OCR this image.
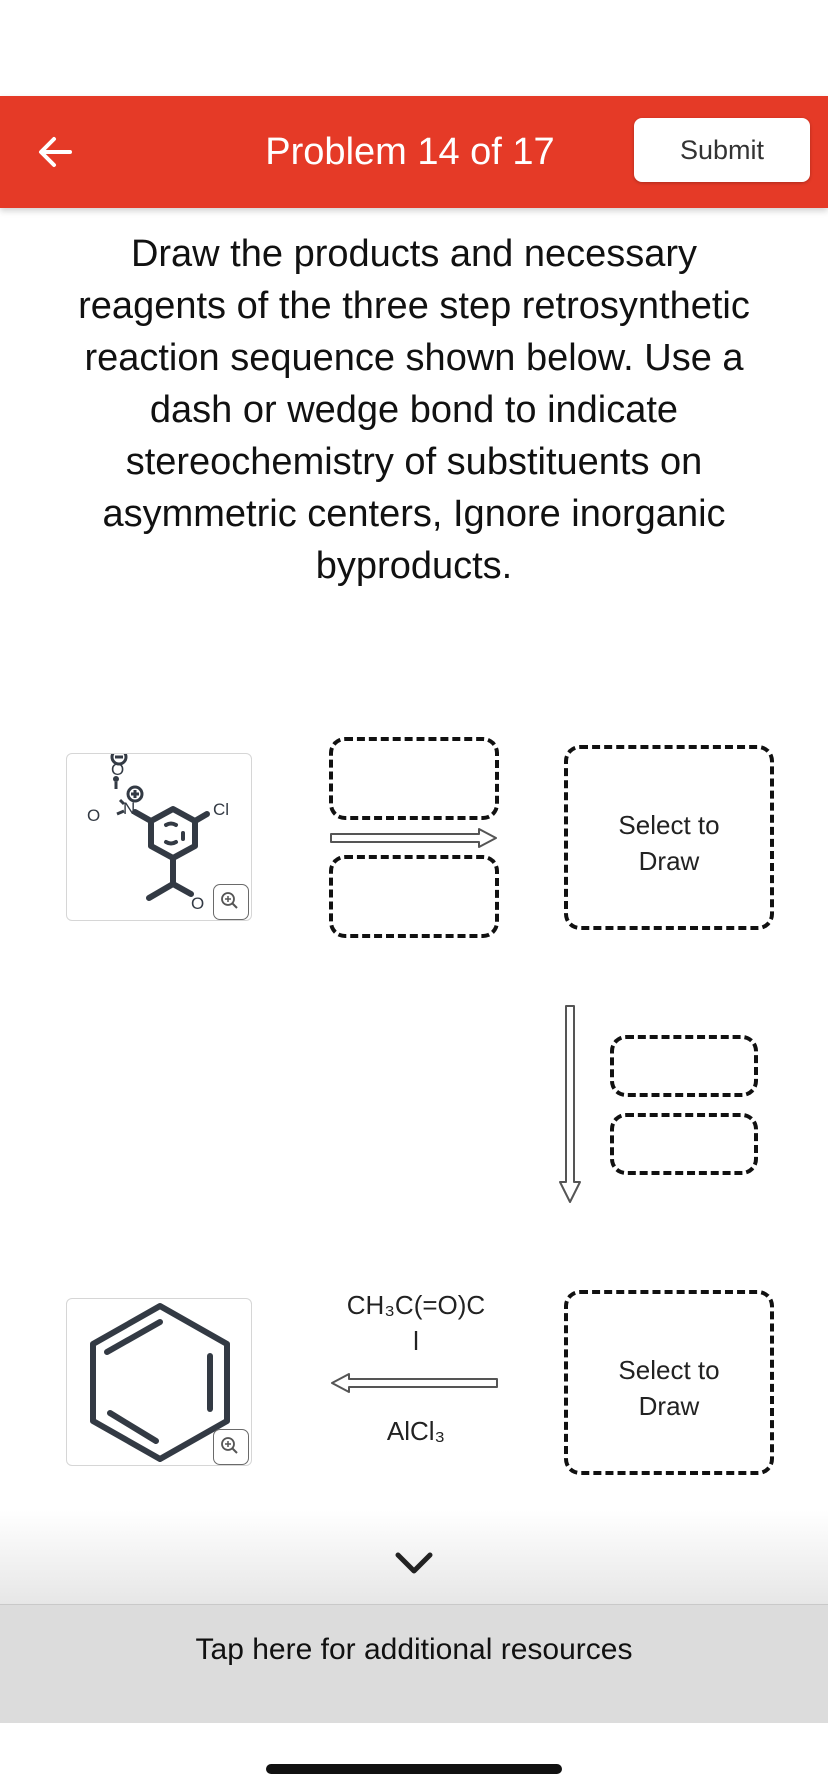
Problem 14 of 17	Submit
Draw the products and necessary reagents of the three step retrosynthetic reaction sequence shown below. Use a dash or wedge bond to indicate stereochemistry of substituents on asymmetric centers, Ignore inorganic byproducts.
O
O N	Cl
O
Select to Draw
CH₃C(=O)C
l
AlCl₃
Select to Draw
Tap here for additional resources
